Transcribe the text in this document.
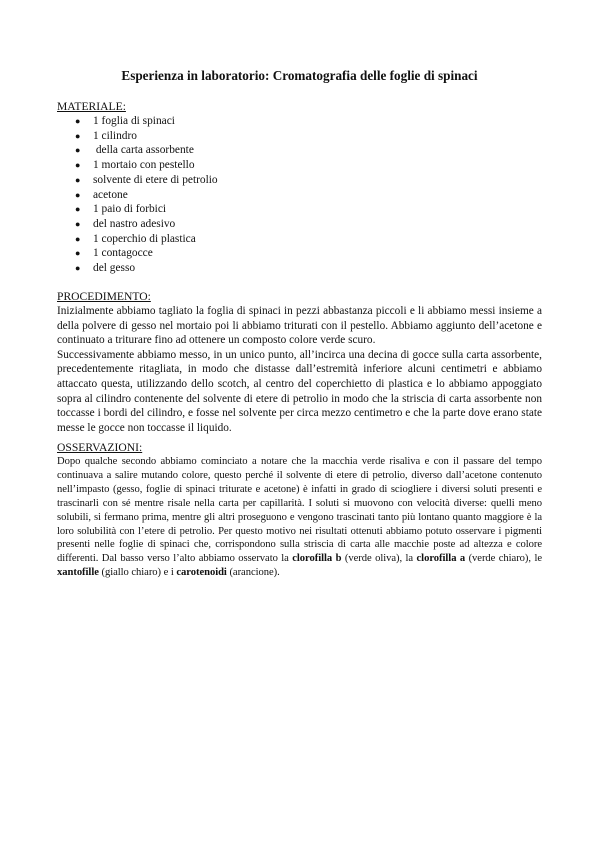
Esperienza in laboratorio: Cromatografia delle foglie di spinaci
MATERIALE:
● 1 foglia di spinaci
● 1 cilindro
● della carta assorbente
● 1 mortaio con pestello
● solvente di etere di petrolio
● acetone
● 1 paio di forbici
● del nastro adesivo
● 1 coperchio di plastica
● 1 contagocce
● del gesso
PROCEDIMENTO:

Inizialmente abbiamo tagliato la foglia di spinaci in pezzi abbastanza piccoli e li abbiamo messi insieme a della polvere di gesso nel mortaio poi li abbiamo triturati con il pestello. Abbiamo aggiunto dell’acetone e continuato a triturare fino ad ottenere un composto colore verde scuro.

Successivamente abbiamo messo, in un unico punto, all’incirca una decina di gocce sulla carta assorbente, precedentemente ritagliata, in modo che distasse dall’estremità inferiore alcuni centimetri e abbiamo attaccato questa, utilizzando dello scotch, al centro del coperchietto di plastica e lo abbiamo appoggiato sopra al cilindro contenente del solvente di etere di petrolio in modo che la striscia di carta assorbente non toccasse i bordi del cilindro, e fosse nel solvente per circa mezzo centimetro e che la parte dove erano state messe le gocce non toccasse il liquido.

OSSERVAZIONI:

Dopo qualche secondo abbiamo cominciato a notare che la macchia verde risaliva e con il passare del tempo continuava a salire mutando colore, questo perché il solvente di etere di petrolio, diverso dall’acetone contenuto nell’impasto (gesso, foglie di spinaci triturate e acetone) è infatti in grado di sciogliere i diversi soluti presenti e trascinarli con sé mentre risale nella carta per capillarità. I soluti si muovono con velocità diverse: quelli meno solubili, si fermano prima, mentre gli altri proseguono e vengono trascinati tanto più lontano quanto maggiore è la loro solubilità con l’etere di petrolio. Per questo motivo nei risultati ottenuti abbiamo potuto osservare i pigmenti presenti nelle foglie di spinaci che, corrispondono sulla striscia di carta alle macchie poste ad altezza e colore differenti. Dal basso verso l’alto abbiamo osservato la clorofilla b (verde oliva), la clorofilla a (verde chiaro), le xantofille (giallo chiaro) e i carotenoidi (arancione).
